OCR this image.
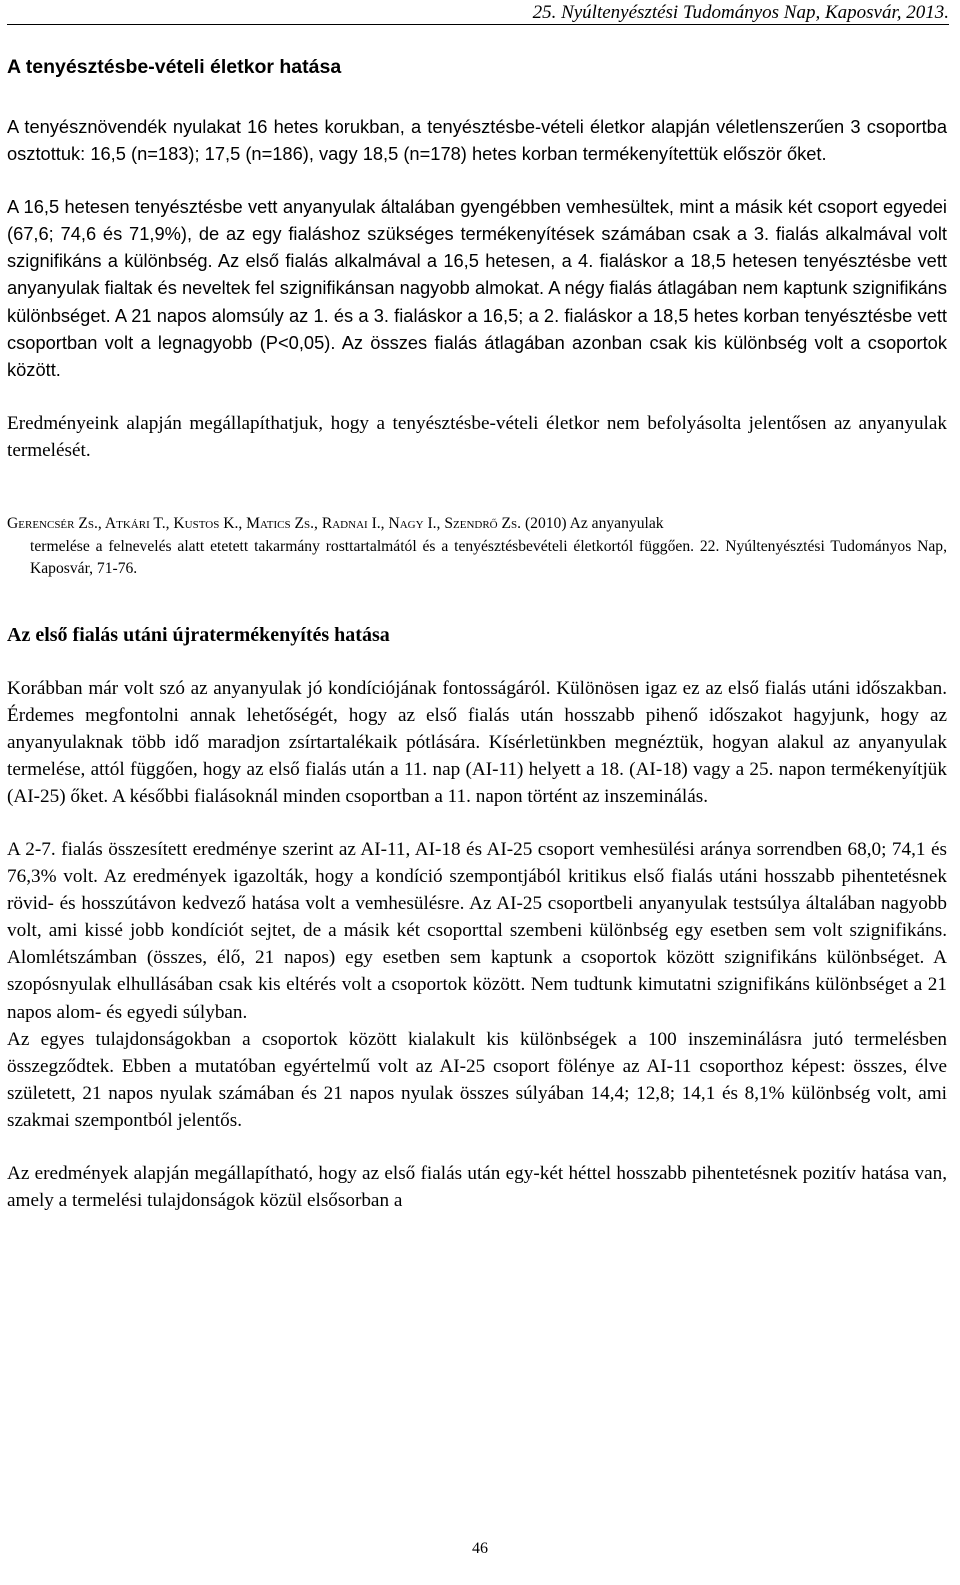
25. Nyúltenyésztési Tudományos Nap, Kaposvár, 2013.
A tenyésztésbe-vételi életkor hatása

A tenyésznövendék nyulakat 16 hetes korukban, a tenyésztésbe-vételi életkor alapján véletlenszerűen 3 csoportba osztottuk: 16,5 (n=183); 17,5 (n=186), vagy 18,5 (n=178) hetes korban termékenyítettük először őket.

A 16,5 hetesen tenyésztésbe vett anyanyulak általában gyengébben vemhesültek, mint a másik két csoport egyedei (67,6; 74,6 és 71,9%), de az egy fialáshoz szükséges termékenyítések számában csak a 3. fialás alkalmával volt szignifikáns a különbség. Az első fialás alkalmával a 16,5 hetesen, a 4. fialáskor a 18,5 hetesen tenyésztésbe vett anyanyulak fialtak és neveltek fel szignifikánsan nagyobb almokat. A négy fialás átlagában nem kaptunk szignifikáns különbséget. A 21 napos alomsúly az 1. és a 3. fialáskor a 16,5; a 2. fialáskor a 18,5 hetes korban tenyésztésbe vett csoportban volt a legnagyobb (P<0,05). Az összes fialás átlagában azonban csak kis különbség volt a csoportok között.

Eredményeink alapján megállapíthatjuk, hogy a tenyésztésbe-vételi életkor nem befolyásolta jelentősen az anyanyulak termelését.

Gerencsér Zs., Atkári T., Kustos K., Matics Zs., Radnai I., Nagy I., Szendrő Zs. (2010) Az anyanyulak
termelése a felnevelés alatt etetett takarmány rosttartalmától és a tenyésztésbevételi életkortól függően. 22. Nyúltenyésztési Tudományos Nap, Kaposvár, 71-76.
Az első fialás utáni újratermékenyítés hatása

Korábban már volt szó az anyanyulak jó kondíciójának fontosságáról. Különösen igaz ez az első fialás utáni időszakban. Érdemes megfontolni annak lehetőségét, hogy az első fialás után hosszabb pihenő időszakot hagyjunk, hogy az anyanyulaknak több idő maradjon zsírtartalékaik pótlására. Kísérletünkben megnéztük, hogyan alakul az anyanyulak termelése, attól függően, hogy az első fialás után a 11. nap (AI-11) helyett a 18. (AI-18) vagy a 25. napon termékenyítjük (AI-25) őket. A későbbi fialásoknál minden csoportban a 11. napon történt az inszeminálás.

A 2-7. fialás összesített eredménye szerint az AI-11, AI-18 és AI-25 csoport vemhesülési aránya sorrendben 68,0; 74,1 és 76,3% volt. Az eredmények igazolták, hogy a kondíció szempontjából kritikus első fialás utáni hosszabb pihentetésnek rövid- és hosszútávon kedvező hatása volt a vemhesülésre. Az AI-25 csoportbeli anyanyulak testsúlya általában nagyobb volt, ami kissé jobb kondíciót sejtet, de a másik két csoporttal szembeni különbség egy esetben sem volt szignifikáns. Alomlétszámban (összes, élő, 21 napos) egy esetben sem kaptunk a csoportok között szignifikáns különbséget. A szopósnyulak elhullásában csak kis eltérés volt a csoportok között. Nem tudtunk kimutatni szignifikáns különbséget a 21 napos alom- és egyedi súlyban.

Az egyes tulajdonságokban a csoportok között kialakult kis különbségek a 100 inszeminálásra jutó termelésben összegződtek. Ebben a mutatóban egyértelmű volt az AI-25 csoport fölénye az AI-11 csoporthoz képest: összes, élve született, 21 napos nyulak számában és 21 napos nyulak összes súlyában 14,4; 12,8; 14,1 és 8,1% különbség volt, ami szakmai szempontból jelentős.

Az eredmények alapján megállapítható, hogy az első fialás után egy-két héttel hosszabb pihentetésnek pozitív hatása van, amely a termelési tulajdonságok közül elsősorban a

46
